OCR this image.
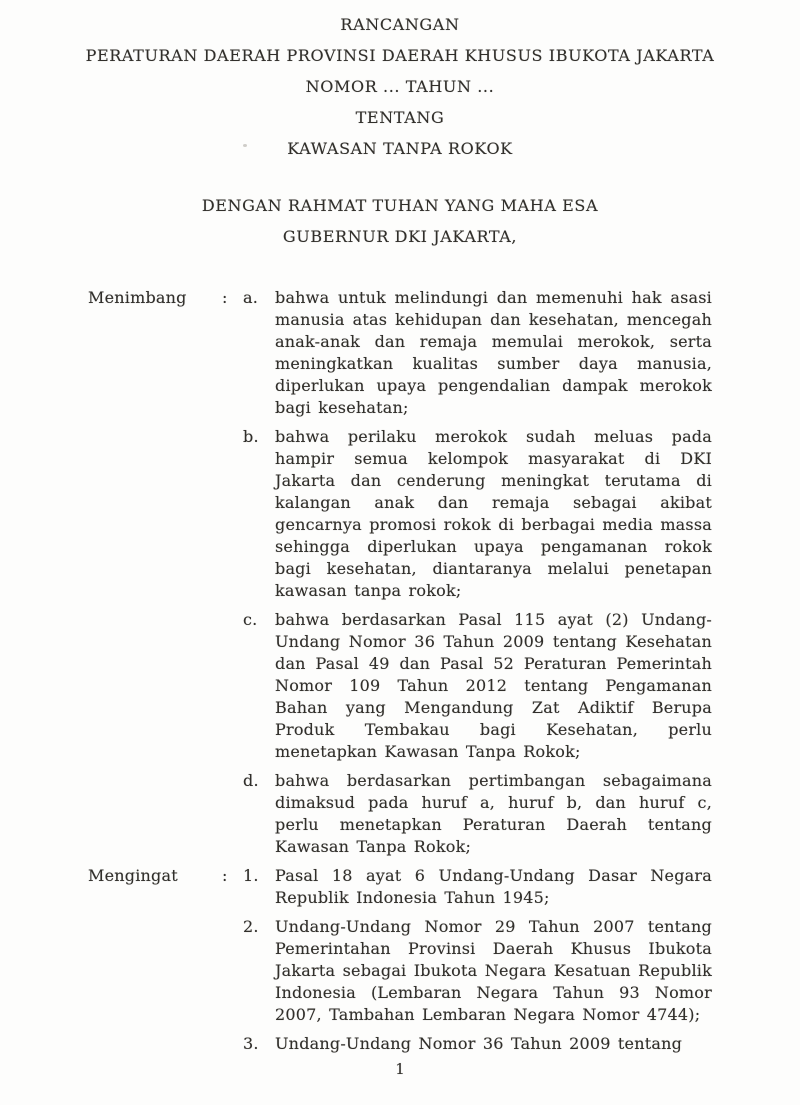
RANCANGAN
PERATURAN DAERAH PROVINSI DAERAH KHUSUS IBUKOTA JAKARTA
NOMOR ... TAHUN ...
TENTANG
KAWASAN TANPA ROKOK
DENGAN RAHMAT TUHAN YANG MAHA ESA
GUBERNUR DKI JAKARTA,
Menimbang	: a.	bahwa untuk melindungi dan memenuhi hak asasi manusia atas kehidupan dan kesehatan, mencegah anak-anak dan remaja memulai merokok, serta meningkatkan kualitas sumber daya manusia, diperlukan upaya pengendalian dampak merokok bagi kesehatan;
b.	bahwa perilaku merokok sudah meluas pada hampir semua kelompok masyarakat di DKI Jakarta dan cenderung meningkat terutama di kalangan anak dan remaja sebagai akibat gencarnya promosi rokok di berbagai media massa sehingga diperlukan upaya pengamanan rokok bagi kesehatan, diantaranya melalui penetapan kawasan tanpa rokok;
c.	bahwa berdasarkan Pasal 115 ayat (2) Undang-Undang Nomor 36 Tahun 2009 tentang Kesehatan dan Pasal 49 dan Pasal 52 Peraturan Pemerintah Nomor 109 Tahun 2012 tentang Pengamanan Bahan yang Mengandung Zat Adiktif Berupa Produk Tembakau bagi Kesehatan, perlu menetapkan Kawasan Tanpa Rokok;
d.	bahwa berdasarkan pertimbangan sebagaimana dimaksud pada huruf a, huruf b, dan huruf c, perlu menetapkan Peraturan Daerah tentang Kawasan Tanpa Rokok;
Mengingat	: 1.	Pasal 18 ayat 6 Undang-Undang Dasar Negara Republik Indonesia Tahun 1945;
2.	Undang-Undang Nomor 29 Tahun 2007 tentang Pemerintahan Provinsi Daerah Khusus Ibukota Jakarta sebagai Ibukota Negara Kesatuan Republik Indonesia (Lembaran Negara Tahun 93 Nomor 2007, Tambahan Lembaran Negara Nomor 4744);
3.	Undang-Undang Nomor 36 Tahun 2009 tentang
1
